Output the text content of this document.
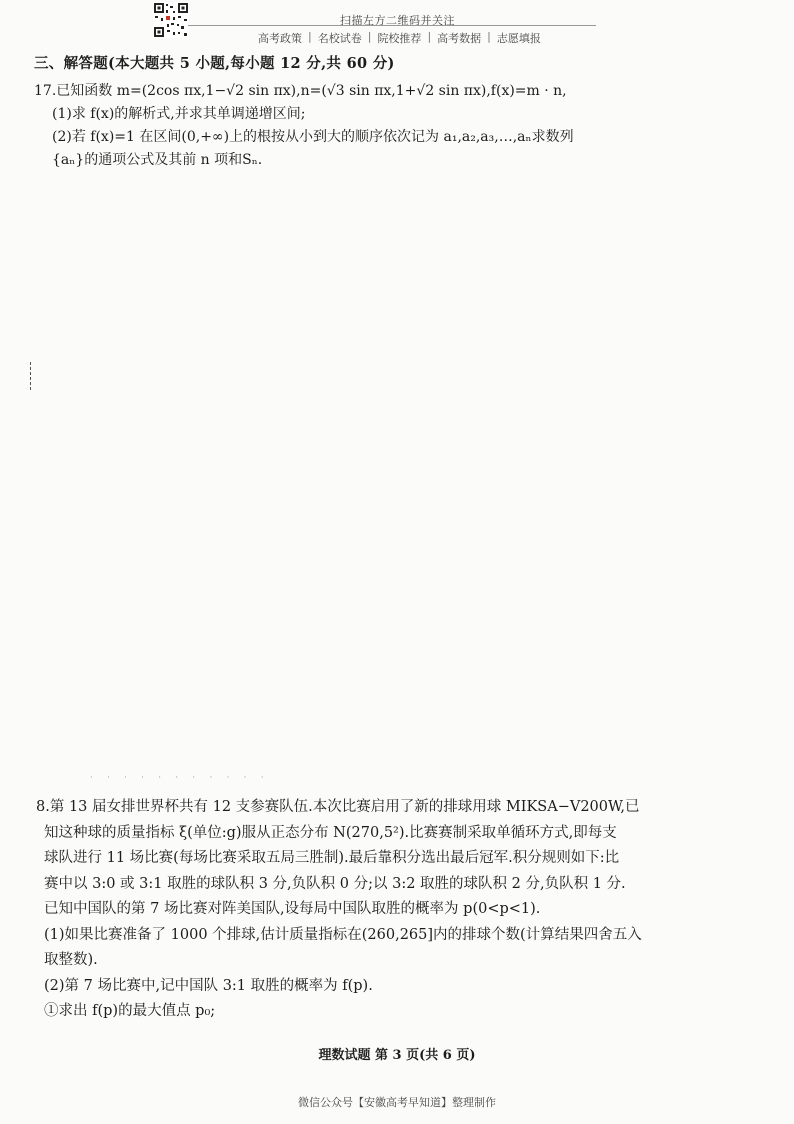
扫描左方二维码并关注
高考政策 | 名校试卷 | 院校推荐 | 高考数据 | 志愿填报
三、解答题(本大题共 5 小题,每小题 12 分,共 60 分)
17.已知函数 m=(2cos πx,1−√2 sin πx),n=(√3 sin πx,1+√2 sin πx),f(x)=m · n,
(1)求 f(x)的解析式,并求其单调递增区间;
(2)若 f(x)=1 在区间(0,+∞)上的根按从小到大的顺序依次记为 a₁,a₂,a₃,…,aₙ求数列
{aₙ}的通项公式及其前 n 项和Sₙ.
· · · · · · · · · · ·

8.第 13 届女排世界杯共有 12 支参赛队伍.本次比赛启用了新的排球用球 MIKSA−V200W,已

知这种球的质量指标 ξ(单位:g)服从正态分布 N(270,5²).比赛赛制采取单循环方式,即每支

球队进行 11 场比赛(每场比赛采取五局三胜制).最后靠积分选出最后冠军.积分规则如下:比

赛中以 3:0 或 3:1 取胜的球队积 3 分,负队积 0 分;以 3:2 取胜的球队积 2 分,负队积 1 分.

已知中国队的第 7 场比赛对阵美国队,设每局中国队取胜的概率为 p(0<p<1).

(1)如果比赛准备了 1000 个排球,估计质量指标在(260,265]内的排球个数(计算结果四舍五入

取整数).

(2)第 7 场比赛中,记中国队 3:1 取胜的概率为 f(p).

①求出 f(p)的最大值点 p₀;

理数试题 第 3 页(共 6 页)
微信公众号【安徽高考早知道】整理制作
